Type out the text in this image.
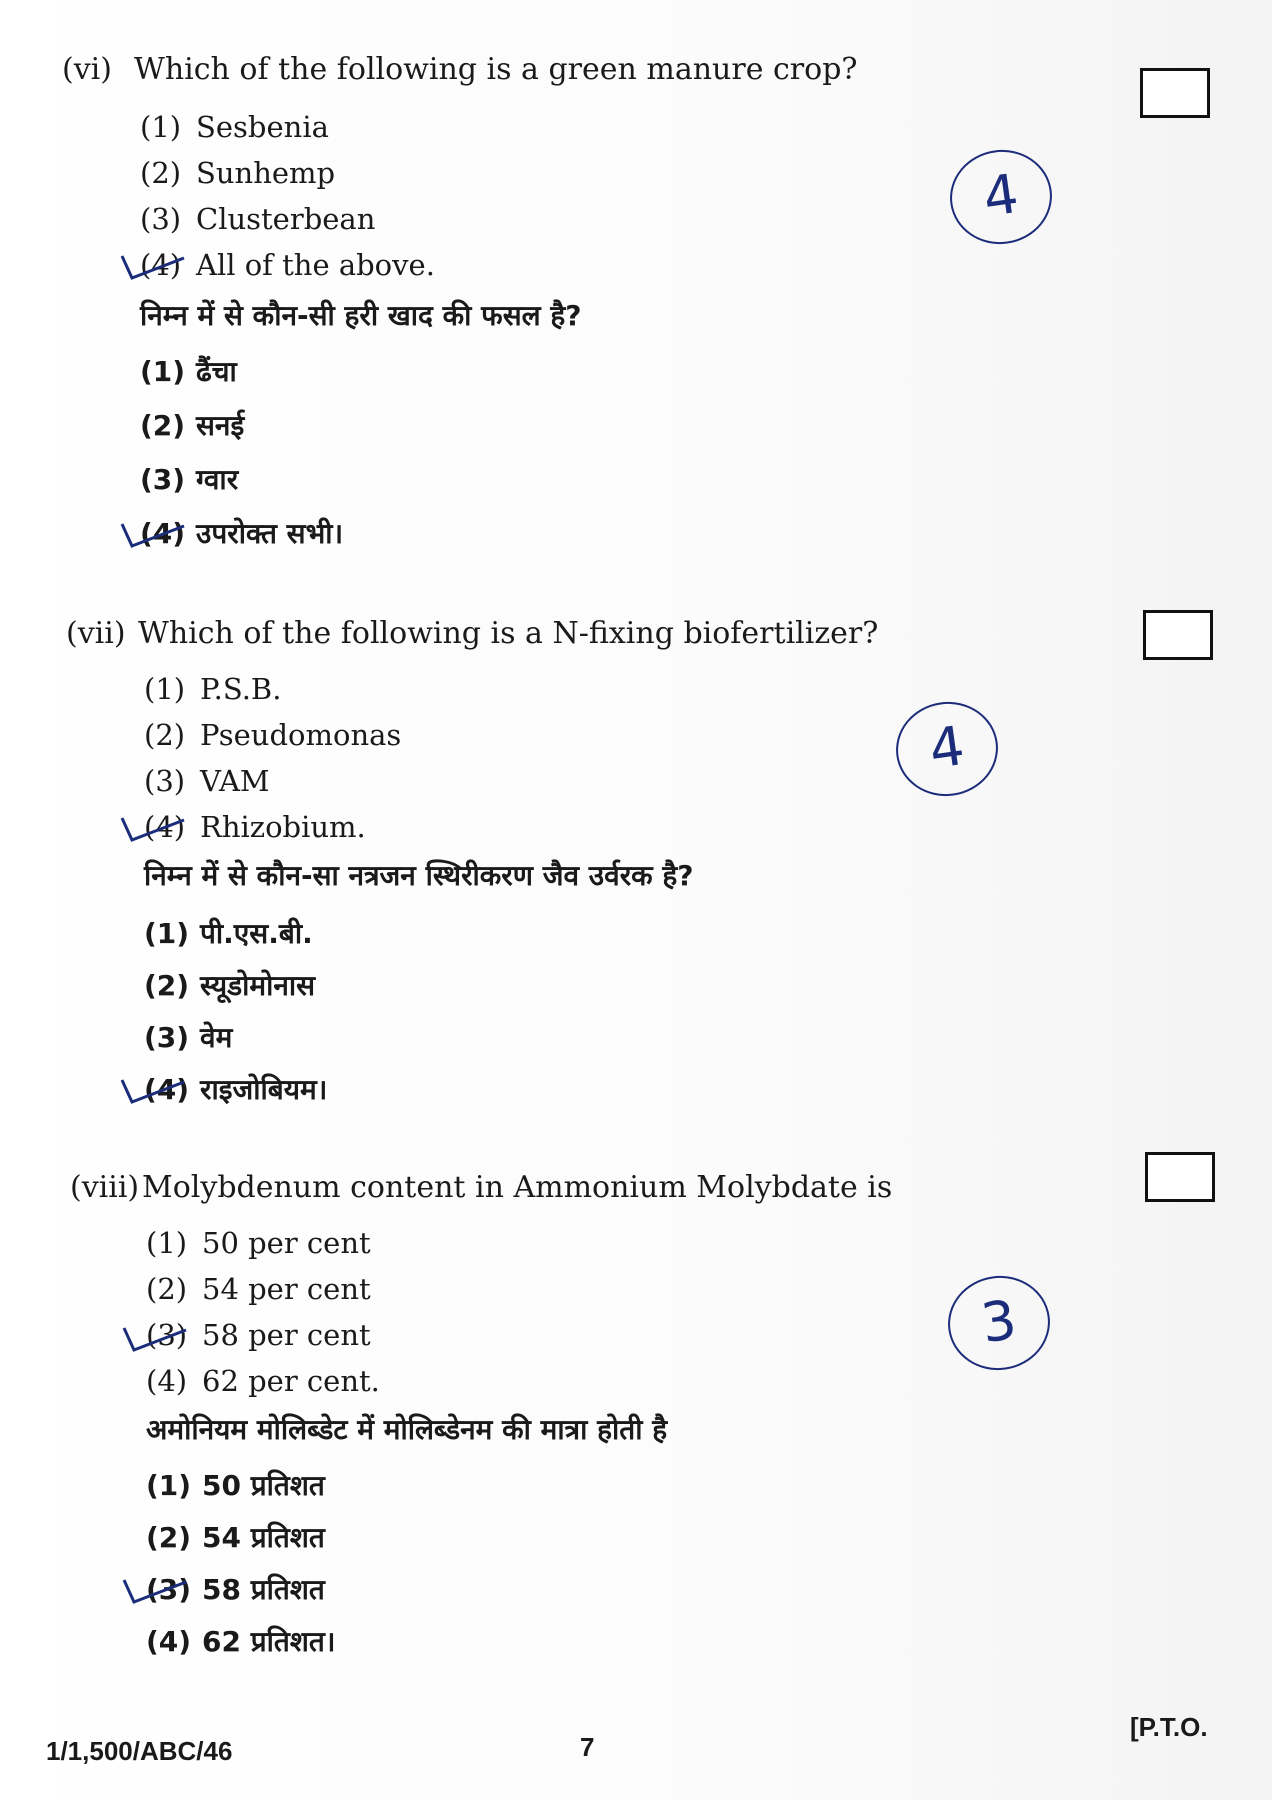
(vi) Which of the following is a green manure crop?
(1) Sesbenia
(2) Sunhemp
(3) Clusterbean
(4) All of the above.
निम्न में से कौन-सी हरी खाद की फसल है?
(1) ढैंचा
(2) सनई
(3) ग्वार
(4) उपरोक्त सभी।
4
(vii) Which of the following is a N-fixing biofertilizer?
(1) P.S.B.
(2) Pseudomonas
(3) VAM
(4) Rhizobium.
निम्न में से कौन-सा नत्रजन स्थिरीकरण जैव उर्वरक है?
(1) पी.एस.बी.
(2) स्यूडोमोनास
(3) वेम
(4) राइजोबियम।
4
(viii)Molybdenum content in Ammonium Molybdate is
(1) 50 per cent
(2) 54 per cent
(3) 58 per cent
(4) 62 per cent.
अमोनियम मोलिब्डेट में मोलिब्डेनम की मात्रा होती है
(1) 50 प्रतिशत
(2) 54 प्रतिशत
(3) 58 प्रतिशत
(4) 62 प्रतिशत।
3
1/1,500/ABC/46	7
[P.T.O.
